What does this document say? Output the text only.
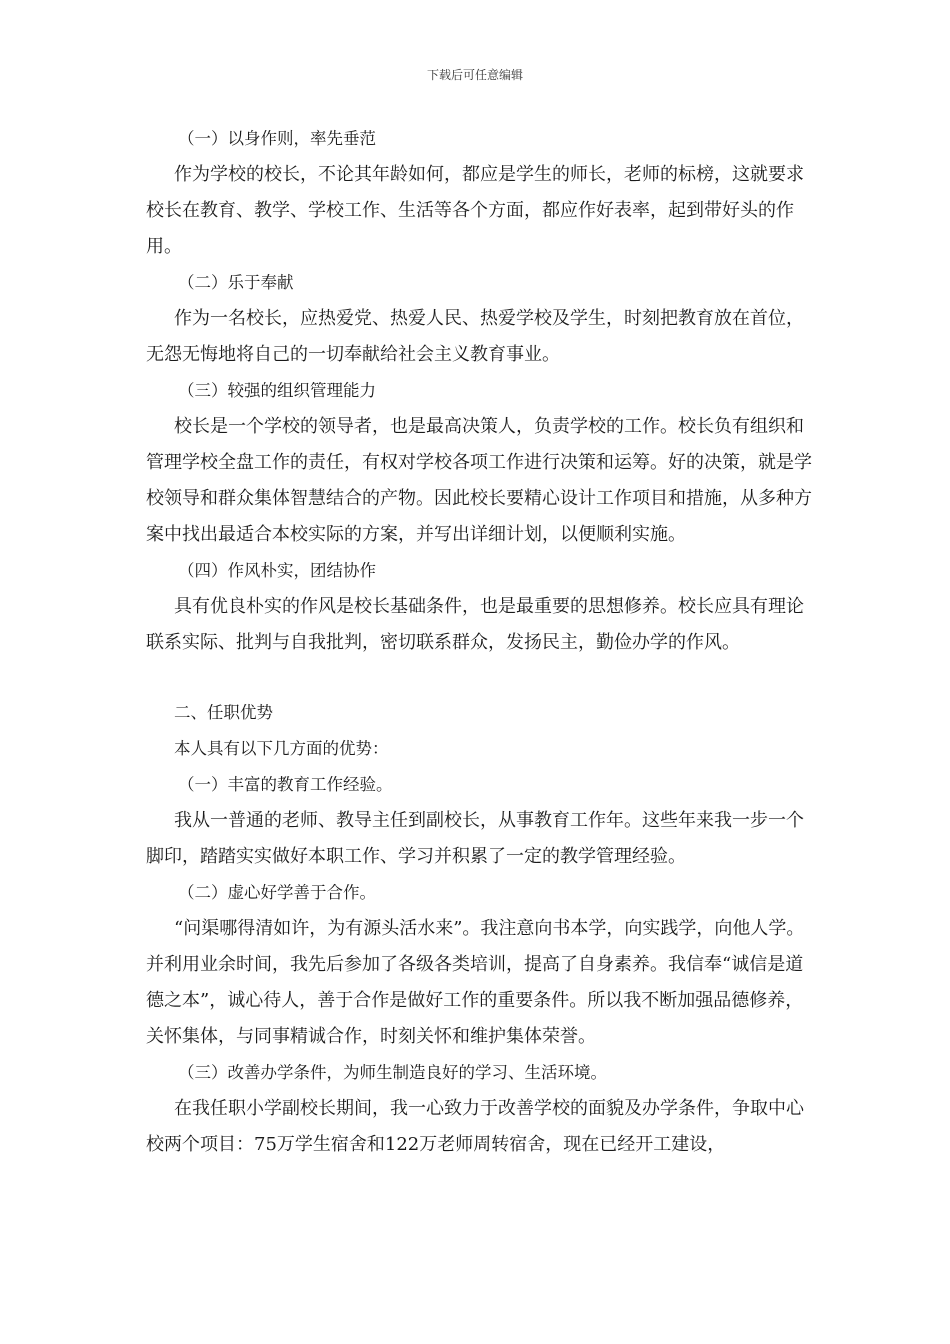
下载后可任意编辑

（一）以身作则，率先垂范

作为学校的校长，不论其年龄如何，都应是学生的师长，老师的标榜，这就要求校长在教育、教学、学校工作、生活等各个方面，都应作好表率，起到带好头的作用。

（二）乐于奉献

作为一名校长，应热爱党、热爱人民、热爱学校及学生，时刻把教育放在首位，无怨无悔地将自己的一切奉献给社会主义教育事业。

（三）较强的组织管理能力

校长是一个学校的领导者，也是最高决策人，负责学校的工作。校长负有组织和管理学校全盘工作的责任，有权对学校各项工作进行决策和运筹。好的决策，就是学校领导和群众集体智慧结合的产物。因此校长要精心设计工作项目和措施，从多种方案中找出最适合本校实际的方案，并写出详细计划，以便顺利实施。

（四）作风朴实，团结协作

具有优良朴实的作风是校长基础条件，也是最重要的思想修养。校长应具有理论联系实际、批判与自我批判，密切联系群众，发扬民主，勤俭办学的作风。

二、任职优势

本人具有以下几方面的优势：

（一）丰富的教育工作经验。

我从一普通的老师、教导主任到副校长，从事教育工作年。这些年来我一步一个脚印，踏踏实实做好本职工作、学习并积累了一定的教学管理经验。

（二）虚心好学善于合作。

“问渠哪得清如许，为有源头活水来”。我注意向书本学，向实践学，向他人学。并利用业余时间，我先后参加了各级各类培训，提高了自身素养。我信奉“诚信是道德之本”，诚心待人，善于合作是做好工作的重要条件。所以我不断加强品德修养，关怀集体，与同事精诚合作，时刻关怀和维护集体荣誉。

（三）改善办学条件，为师生制造良好的学习、生活环境。

在我任职小学副校长期间，我一心致力于改善学校的面貌及办学条件，争取中心校两个项目：75万学生宿舍和122万老师周转宿舍，现在已经开工建设，
